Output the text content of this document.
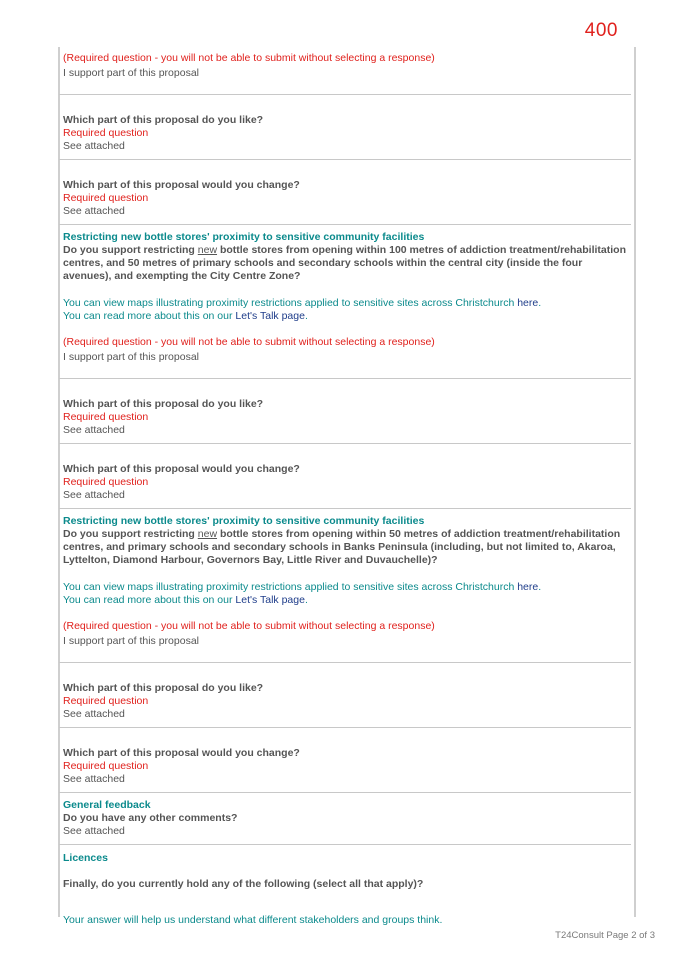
400
(Required question - you will not be able to submit without selecting a response)
I support part of this proposal
Which part of this proposal do you like?
Required question
See attached
Which part of this proposal would you change?
Required question
See attached
Restricting new bottle stores' proximity to sensitive community facilities
Do you support restricting new bottle stores from opening within 100 metres of addiction treatment/rehabilitation centres, and 50 metres of primary schools and secondary schools within the central city (inside the four avenues), and exempting the City Centre Zone?
You can view maps illustrating proximity restrictions applied to sensitive sites across Christchurch here.
You can read more about this on our Let's Talk page.
(Required question - you will not be able to submit without selecting a response)
I support part of this proposal
Which part of this proposal do you like?
Required question
See attached
Which part of this proposal would you change?
Required question
See attached
Restricting new bottle stores' proximity to sensitive community facilities
Do you support restricting new bottle stores from opening within 50 metres of addiction treatment/rehabilitation centres, and primary schools and secondary schools in Banks Peninsula (including, but not limited to, Akaroa, Lyttelton, Diamond Harbour, Governors Bay, Little River and Duvauchelle)?
You can view maps illustrating proximity restrictions applied to sensitive sites across Christchurch here.
You can read more about this on our Let's Talk page.
(Required question - you will not be able to submit without selecting a response)
I support part of this proposal
Which part of this proposal do you like?
Required question
See attached
Which part of this proposal would you change?
Required question
See attached
General feedback
Do you have any other comments?
See attached
Licences
Finally, do you currently hold any of the following (select all that apply)?
Your answer will help us understand what different stakeholders and groups think.
T24Consult Page 2 of 3
